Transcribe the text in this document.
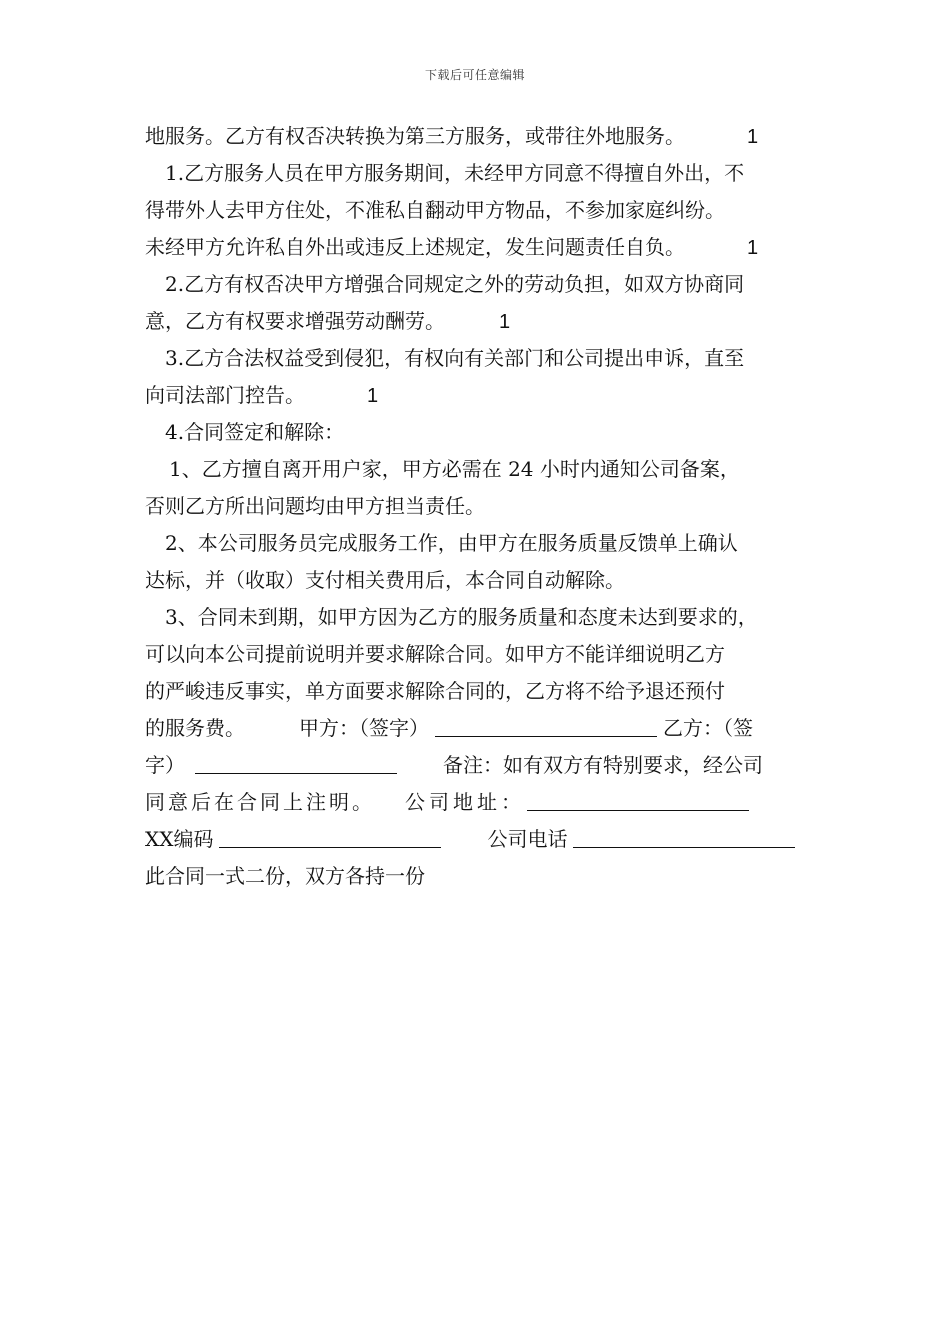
下载后可任意编辑
地服务。乙方有权否决转换为第三方服务，或带往外地服务。	1
1.乙方服务人员在甲方服务期间，未经甲方同意不得擅自外出，不
得带外人去甲方住处，不准私自翻动甲方物品，不参加家庭纠纷。
未经甲方允许私自外出或违反上述规定，发生问题责任自负。	1
2.乙方有权否决甲方增强合同规定之外的劳动负担，如双方协商同
意，乙方有权要求增强劳动酬劳。	1
3.乙方合法权益受到侵犯，有权向有关部门和公司提出申诉，直至
向司法部门控告。	1
4.合同签定和解除：
1、乙方擅自离开用户家，甲方必需在 24 小时内通知公司备案，
否则乙方所出问题均由甲方担当责任。
2、本公司服务员完成服务工作，由甲方在服务质量反馈单上确认
达标，并（收取）支付相关费用后，本合同自动解除。
3、合同未到期，如甲方因为乙方的服务质量和态度未达到要求的，
可以向本公司提前说明并要求解除合同。如甲方不能详细说明乙方
的严峻违反事实，单方面要求解除合同的，乙方将不给予退还预付
的服务费。	甲方：（签字）	乙方：（签
字）	备注：如有双方有特别要求，经公司
同意后在合同上注明。 公司地址：
XX编码	公司电话
此合同一式二份，双方各持一份
